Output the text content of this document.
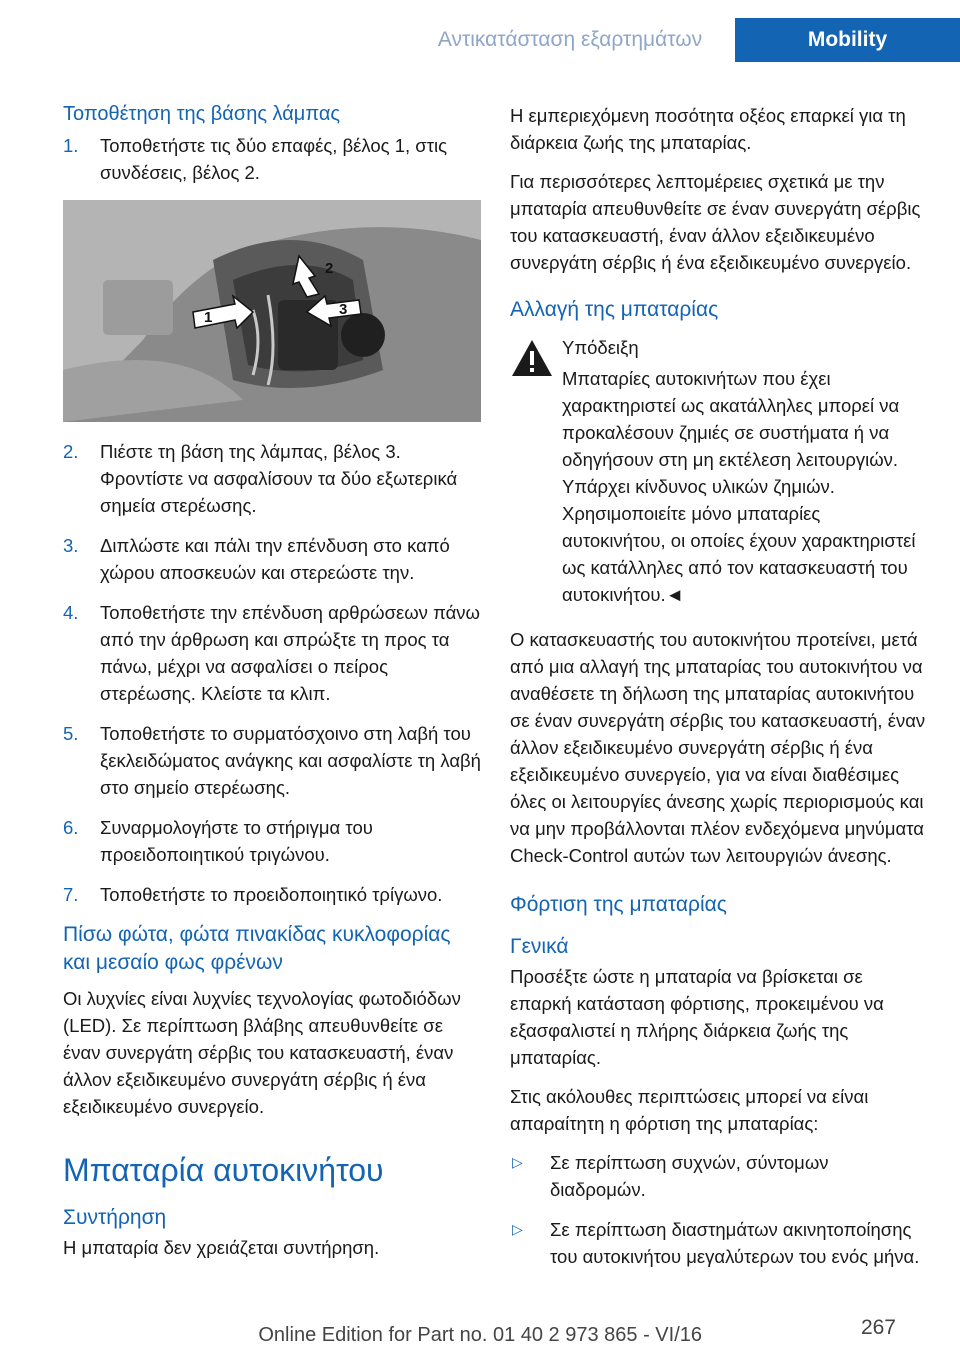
Αντικατάσταση εξαρτημάτων	Mobility
Τοποθέτηση της βάσης λάμπας
1.	Τοποθετήστε τις δύο επαφές, βέλος 1, στις συνδέσεις, βέλος 2.
1
2
3
2.	Πιέστε τη βάση της λάμπας, βέλος 3. Φροντίστε να ασφαλίσουν τα δύο εξωτερικά σημεία στερέωσης.
3.	Διπλώστε και πάλι την επένδυση στο καπό χώρου αποσκευών και στερεώστε την.
4.	Τοποθετήστε την επένδυση αρθρώσεων πάνω από την άρθρωση και σπρώξτε τη προς τα πάνω, μέχρι να ασφαλίσει ο πείρος στερέωσης. Κλείστε τα κλιπ.
5.	Τοποθετήστε το συρματόσχοινο στη λαβή του ξεκλειδώματος ανάγκης και ασφαλίστε τη λαβή στο σημείο στερέωσης.
6.	Συναρμολογήστε το στήριγμα του προειδοποιητικού τριγώνου.
7.	Τοποθετήστε το προειδοποιητικό τρίγωνο.
Πίσω φώτα, φώτα πινακίδας κυκλοφορίας και μεσαίο φως φρένων

Οι λυχνίες είναι λυχνίες τεχνολογίας φωτοδιόδων (LED). Σε περίπτωση βλάβης απευθυνθείτε σε έναν συνεργάτη σέρβις του κατασκευαστή, έναν άλλον εξειδικευμένο συνεργάτη σέρβις ή ένα εξειδικευμένο συνεργείο.

Μπαταρία αυτοκινήτου
Συντήρηση

Η μπαταρία δεν χρειάζεται συντήρηση.

Η εμπεριεχόμενη ποσότητα οξέος επαρκεί για τη διάρκεια ζωής της μπαταρίας.

Για περισσότερες λεπτομέρειες σχετικά με την μπαταρία απευθυνθείτε σε έναν συνεργάτη σέρβις του κατασκευαστή, έναν άλλον εξειδικευμένο συνεργάτη σέρβις ή ένα εξειδικευμένο συνεργείο.

Αλλαγή της μπαταρίας

Υπόδειξη

Μπαταρίες αυτοκινήτων που έχει χαρακτηριστεί ως ακατάλληλες μπορεί να προκαλέσουν ζημιές σε συστήματα ή να οδηγήσουν στη μη εκτέλεση λειτουργιών. Υπάρχει κίνδυνος υλικών ζημιών. Χρησιμοποιείτε μόνο μπαταρίες αυτοκινήτου, οι οποίες έχουν χαρακτηριστεί ως κατάλληλες από τον κατασκευαστή του αυτοκινήτου.◄

Ο κατασκευαστής του αυτοκινήτου προτείνει, μετά από μια αλλαγή της μπαταρίας του αυτοκινήτου να αναθέσετε τη δήλωση της μπαταρίας αυτοκινήτου σε έναν συνεργάτη σέρβις του κατασκευαστή, έναν άλλον εξειδικευμένο συνεργάτη σέρβις ή ένα εξειδικευμένο συνεργείο, για να είναι διαθέσιμες όλες οι λειτουργίες άνεσης χωρίς περιορισμούς και να μην προβάλλονται πλέον ενδεχόμενα μηνύματα Check-Control αυτών των λειτουργιών άνεσης.

Φόρτιση της μπαταρίας
Γενικά

Προσέξτε ώστε η μπαταρία να βρίσκεται σε επαρκή κατάσταση φόρτισης, προκειμένου να εξασφαλιστεί η πλήρης διάρκεια ζωής της μπαταρίας.

Στις ακόλουθες περιπτώσεις μπορεί να είναι απαραίτητη η φόρτιση της μπαταρίας:

▷	Σε περίπτωση συχνών, σύντομων διαδρομών.
▷	Σε περίπτωση διαστημάτων ακινητοποίησης του αυτοκινήτου μεγαλύτερων του ενός μήνα.
Online Edition for Part no. 01 40 2 973 865 - VI/16	267
